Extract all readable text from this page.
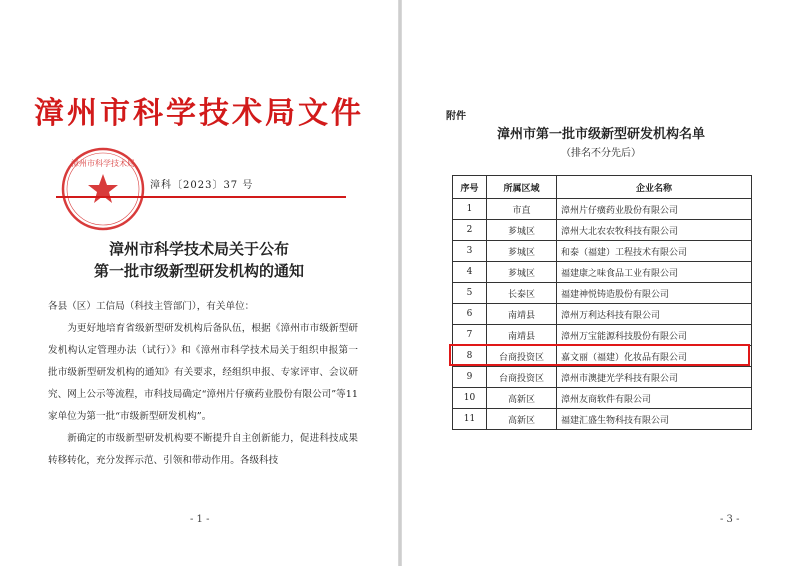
漳州市科学技术局文件
漳州市科学技术局
漳科〔2023〕37 号
漳州市科学技术局关于公布
第一批市级新型研发机构的通知

各县（区）工信局（科技主管部门），有关单位：

为更好地培育省级新型研发机构后备队伍，根据《漳州市市级新型研发机构认定管理办法（试行）》和《漳州市科学技术局关于组织申报第一批市级新型研发机构的通知》有关要求，经组织申报、专家评审、会议研究、网上公示等流程，市科技局确定“漳州片仔癀药业股份有限公司”等11家单位为第一批“市级新型研发机构”。

新确定的市级新型研发机构要不断提升自主创新能力，促进科技成果转移转化，充分发挥示范、引领和带动作用。各级科技

- 1 -
附件
漳州市第一批市级新型研发机构名单
（排名不分先后）
序号	所属区域	企业名称
1	市直	漳州片仔癀药业股份有限公司
2	芗城区	漳州大北农农牧科技有限公司
3	芗城区	和泰（福建）工程技术有限公司
4	芗城区	福建康之味食品工业有限公司
5	长泰区	福建神悦铸造股份有限公司
6	南靖县	漳州万利达科技有限公司
7	南靖县	漳州万宝能源科技股份有限公司
8	台商投资区	嘉文丽（福建）化妆品有限公司
9	台商投资区	漳州市澳捷光学科技有限公司
10	高新区	漳州友商软件有限公司
11	高新区	福建汇盛生物科技有限公司
- 3 -
